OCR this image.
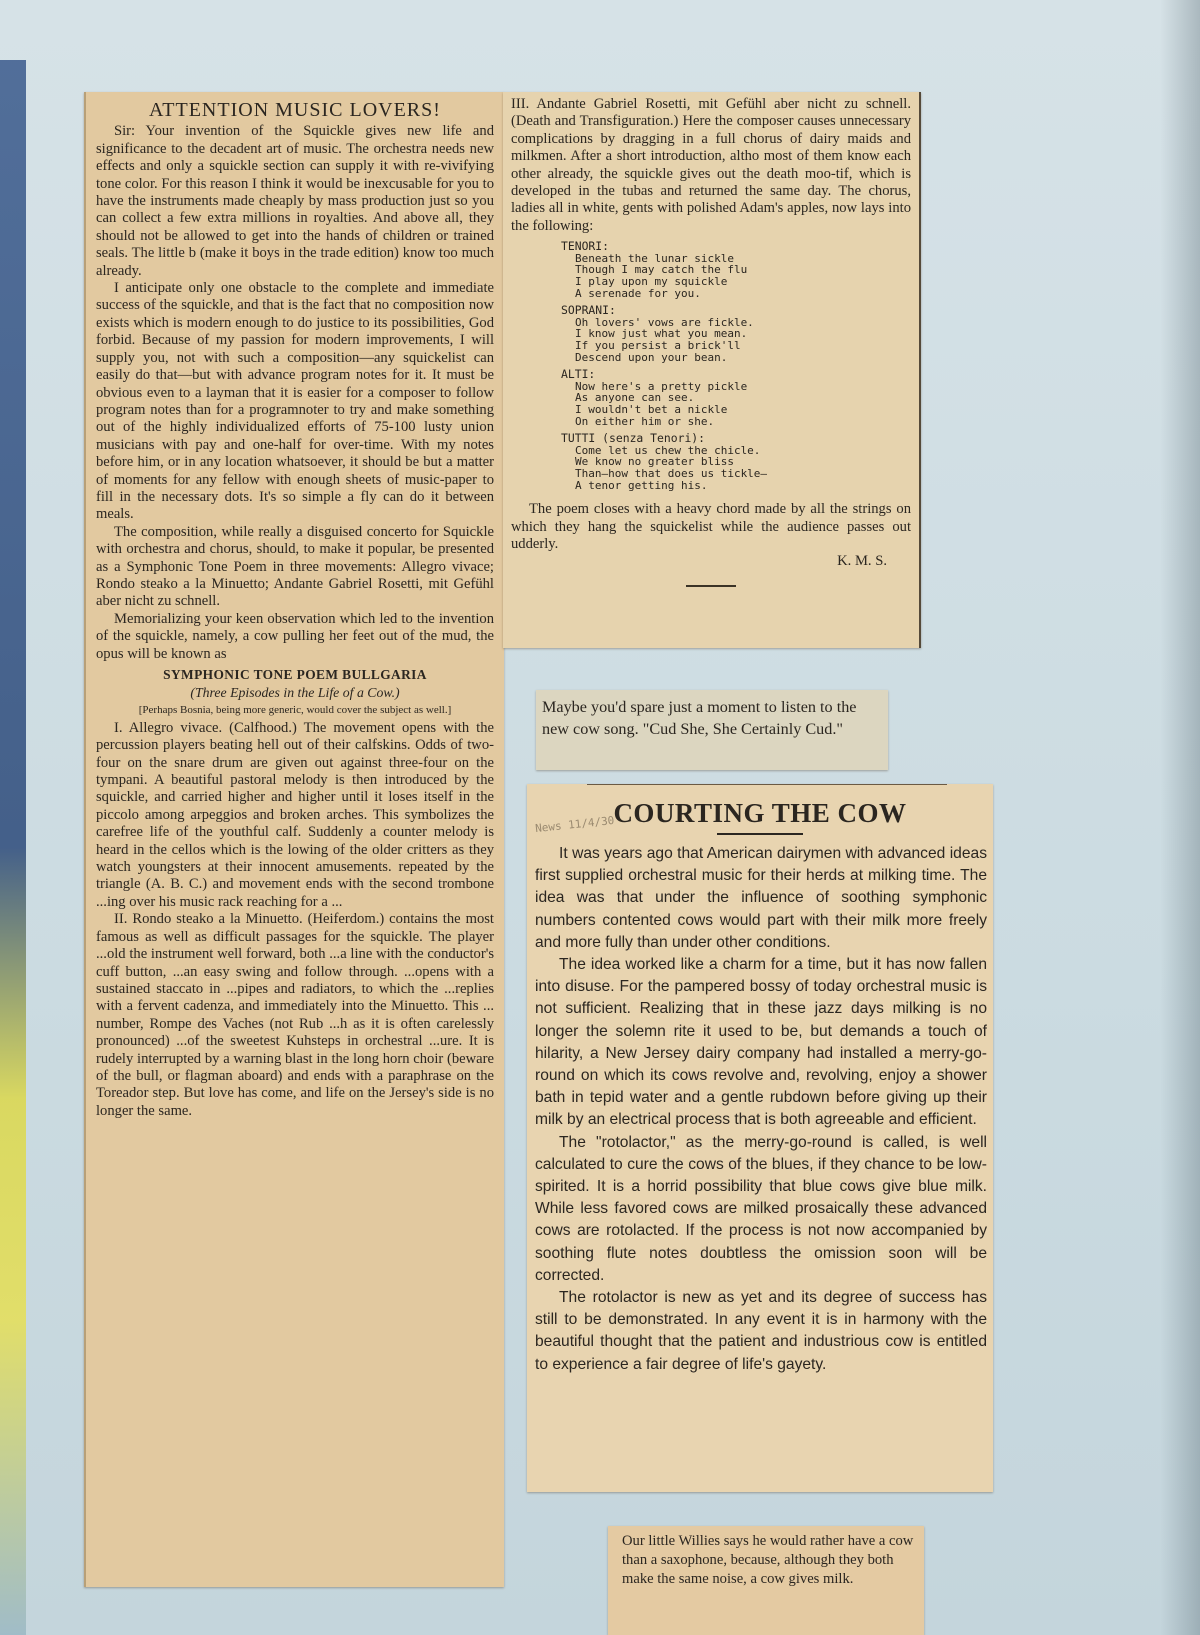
ATTENTION MUSIC LOVERS!

Sir: Your invention of the Squickle gives new life and significance to the decadent art of music. The orchestra needs new effects and only a squickle section can supply it with re-vivifying tone color. For this reason I think it would be inexcusable for you to have the instruments made cheaply by mass production just so you can collect a few extra millions in royalties. And above all, they should not be allowed to get into the hands of children or trained seals. The little b (make it boys in the trade edition) know too much already.

I anticipate only one obstacle to the complete and immediate success of the squickle, and that is the fact that no composition now exists which is modern enough to do justice to its possibilities, God forbid. Because of my passion for modern improvements, I will supply you, not with such a composition—any squickelist can easily do that—but with advance program notes for it. It must be obvious even to a layman that it is easier for a composer to follow program notes than for a programnoter to try and make something out of the highly individualized efforts of 75-100 lusty union musicians with pay and one-half for over-time. With my notes before him, or in any location whatsoever, it should be but a matter of moments for any fellow with enough sheets of music-paper to fill in the necessary dots. It's so simple a fly can do it between meals.

The composition, while really a disguised concerto for Squickle with orchestra and chorus, should, to make it popular, be presented as a Symphonic Tone Poem in three movements: Allegro vivace; Rondo steako a la Minuetto; Andante Gabriel Rosetti, mit Gefühl aber nicht zu schnell.

Memorializing your keen observation which led to the invention of the squickle, namely, a cow pulling her feet out of the mud, the opus will be known as

SYMPHONIC TONE POEM BULLGARIA
(Three Episodes in the Life of a Cow.)
[Perhaps Bosnia, being more generic, would cover the subject as well.]

I. Allegro vivace. (Calfhood.) The movement opens with the percussion players beating hell out of their calfskins. Odds of two-four on the snare drum are given out against three-four on the tympani. A beautiful pastoral melody is then introduced by the squickle, and carried higher and higher until it loses itself in the piccolo among arpeggios and broken arches. This symbolizes the carefree life of the youthful calf. Suddenly a counter melody is heard in the cellos which is the lowing of the older critters as they watch youngsters at their innocent amusements. repeated by the triangle (A. B. C.) and movement ends with the second trombone ...ing over his music rack reaching for a ...

II. Rondo steako a la Minuetto. (Heiferdom.) contains the most famous as well as difficult passages for the squickle. The player ...old the instrument well forward, both ...a line with the conductor's cuff button, ...an easy swing and follow through. ...opens with a sustained staccato in ...pipes and radiators, to which the ...replies with a fervent cadenza, and immediately into the Minuetto. This ... number, Rompe des Vaches (not Rub ...h as it is often carelessly pronounced) ...of the sweetest Kuhsteps in orchestral ...ure. It is rudely interrupted by a warning blast in the long horn choir (beware of the bull, or flagman aboard) and ends with a paraphrase on the Toreador step. But love has come, and life on the Jersey's side is no longer the same.

III. Andante Gabriel Rosetti, mit Gefühl aber nicht zu schnell. (Death and Transfiguration.) Here the composer causes unnecessary complications by dragging in a full chorus of dairy maids and milkmen. After a short introduction, altho most of them know each other already, the squickle gives out the death moo-tif, which is developed in the tubas and returned the same day. The chorus, ladies all in white, gents with polished Adam's apples, now lays into the following:

TENORI:
Beneath the lunar sickle
Though I may catch the flu
I play upon my squickle
A serenade for you.
SOPRANI:
Oh lovers' vows are fickle.
I know just what you mean.
If you persist a brick'll
Descend upon your bean.
ALTI:
Now here's a pretty pickle
As anyone can see.
I wouldn't bet a nickle
On either him or she.
TUTTI (senza Tenori):
Come let us chew the chicle.
We know no greater bliss
Than—how that does us tickle—
A tenor getting his.

The poem closes with a heavy chord made by all the strings on which they hang the squickelist while the audience passes out udderly.

K. M. S.
Maybe you'd spare just a moment to listen to the new cow song. "Cud She, She Certainly Cud."
News 11/4/30
COURTING THE COW

It was years ago that American dairymen with advanced ideas first supplied orchestral music for their herds at milking time. The idea was that under the influence of soothing symphonic numbers contented cows would part with their milk more freely and more fully than under other conditions.

The idea worked like a charm for a time, but it has now fallen into disuse. For the pampered bossy of today orchestral music is not sufficient. Realizing that in these jazz days milking is no longer the solemn rite it used to be, but demands a touch of hilarity, a New Jersey dairy company had installed a merry-go-round on which its cows revolve and, revolving, enjoy a shower bath in tepid water and a gentle rubdown before giving up their milk by an electrical process that is both agreeable and efficient.

The "rotolactor," as the merry-go-round is called, is well calculated to cure the cows of the blues, if they chance to be low-spirited. It is a horrid possibility that blue cows give blue milk. While less favored cows are milked prosaically these advanced cows are rotolacted. If the process is not now accompanied by soothing flute notes doubtless the omission soon will be corrected.

The rotolactor is new as yet and its degree of success has still to be demonstrated. In any event it is in harmony with the beautiful thought that the patient and industrious cow is entitled to experience a fair degree of life's gayety.

Our little Willies says he would rather have a cow than a saxophone, because, although they both make the same noise, a cow gives milk.
